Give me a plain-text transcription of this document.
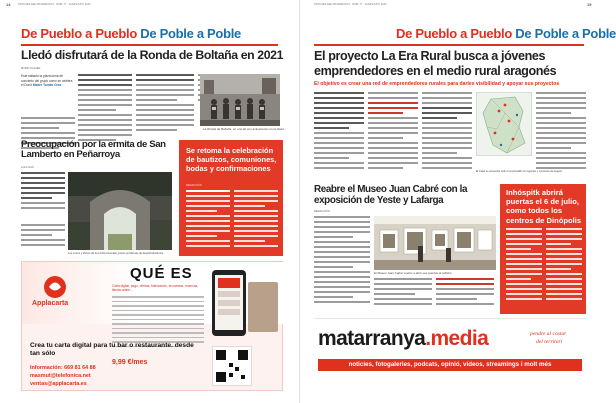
14	NOTICIES DEL MATARRANYA · NÚM. 77 · JUNIO/JUNY 2023
De Pueblo a Pueblo De Poble a Poble
Lledó disfrutará de la Ronda de Boltaña en 2021
MARIO CLAVER
Este sábado la plaza toma de concierto del grupo como se celebra el Donó Madre Tomás Oroz
La Ronda de Boltaña, en una de sus actuaciones en la plaza.
Preocupación por la ermita de San Lamberto en Peñarroya
LOLA GAS
Los muros y techos de la ermita presentan graves problemas de desprendimientos.
Se retoma la celebración de bautizos, comuniones, bodas y confirmaciones
REDACCIÓN
Applacarta
QUÉ ES
Carta digital, pago, ofertas, fidelización, encuestas, reservas, tienda online...
Crea tu carta digital para tu bar o restaurante. desde tan sólo
9,99 €/mes
Información: 669 81 64 88
masmut@telefonica.net
ventas@applacarta.es
NOTICIES DEL MATARRANYA · NÚM. 77 · JUNIO/JUNY 2023	15
De Pueblo a Pueblo De Poble a Poble
El proyecto La Era Rural busca a jóvenes emprendedores en el medio rural aragonés
El objetivo es crear una red de emprendedores rurales para darles visibilidad y apoyar sus proyectos
El mapa se encuentra todo lo emprendido en regiones y comarcas de Aragón.
Reabre el Museo Juan Cabré con la exposición de Yeste y Lafarga
REDACCIÓN
El Museo Juan Cabré vuelve a abrir sus puertas al público
Inhóspitk abrirá puertas el 6 de julio, como todos los centros de Dinópolis
matarranya.media	pendre al costat
del territori
noticies, fotogaleries, podcats, opinió, vídeos, streamings i molt més
